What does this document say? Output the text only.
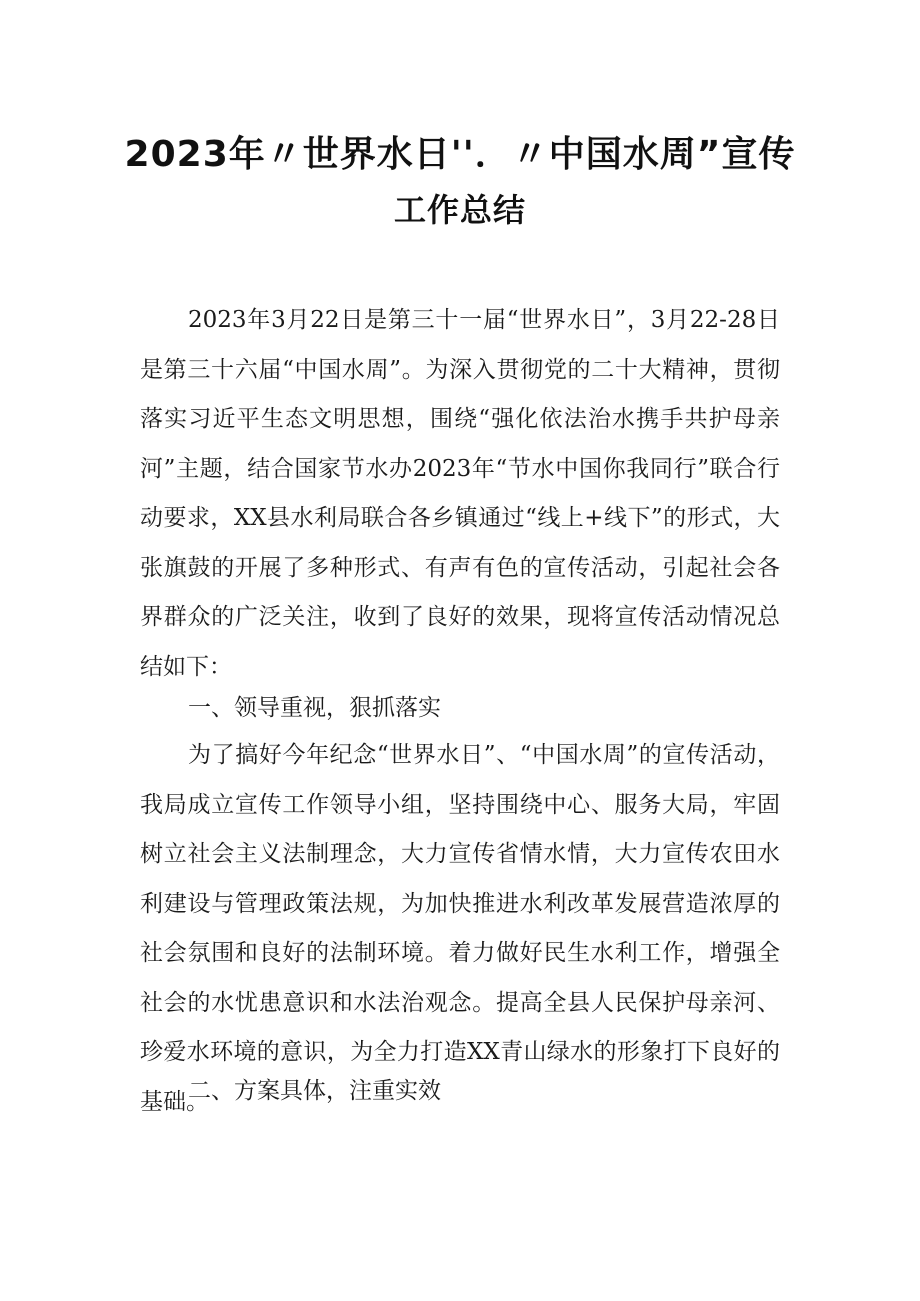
2023年〃世界水日''．〃中国水周”宣传
工作总结

2023年3月22日是第三十一届“世界水日”，3月22-28日是第三十六届“中国水周”。为深入贯彻党的二十大精神，贯彻落实习近平生态文明思想，围绕“强化依法治水携手共护母亲河”主题，结合国家节水办2023年“节水中国你我同行”联合行动要求，XX县水利局联合各乡镇通过“线上+线下”的形式，大张旗鼓的开展了多种形式、有声有色的宣传活动，引起社会各界群众的广泛关注，收到了良好的效果，现将宣传活动情况总结如下：

一、领导重视，狠抓落实

为了搞好今年纪念“世界水日”、“中国水周”的宣传活动，我局成立宣传工作领导小组，坚持围绕中心、服务大局，牢固树立社会主义法制理念，大力宣传省情水情，大力宣传农田水利建设与管理政策法规，为加快推进水利改革发展营造浓厚的社会氛围和良好的法制环境。着力做好民生水利工作，增强全社会的水忧患意识和水法治观念。提高全县人民保护母亲河、珍爱水环境的意识，为全力打造XX青山绿水的形象打下良好的基础。

二、方案具体，注重实效
